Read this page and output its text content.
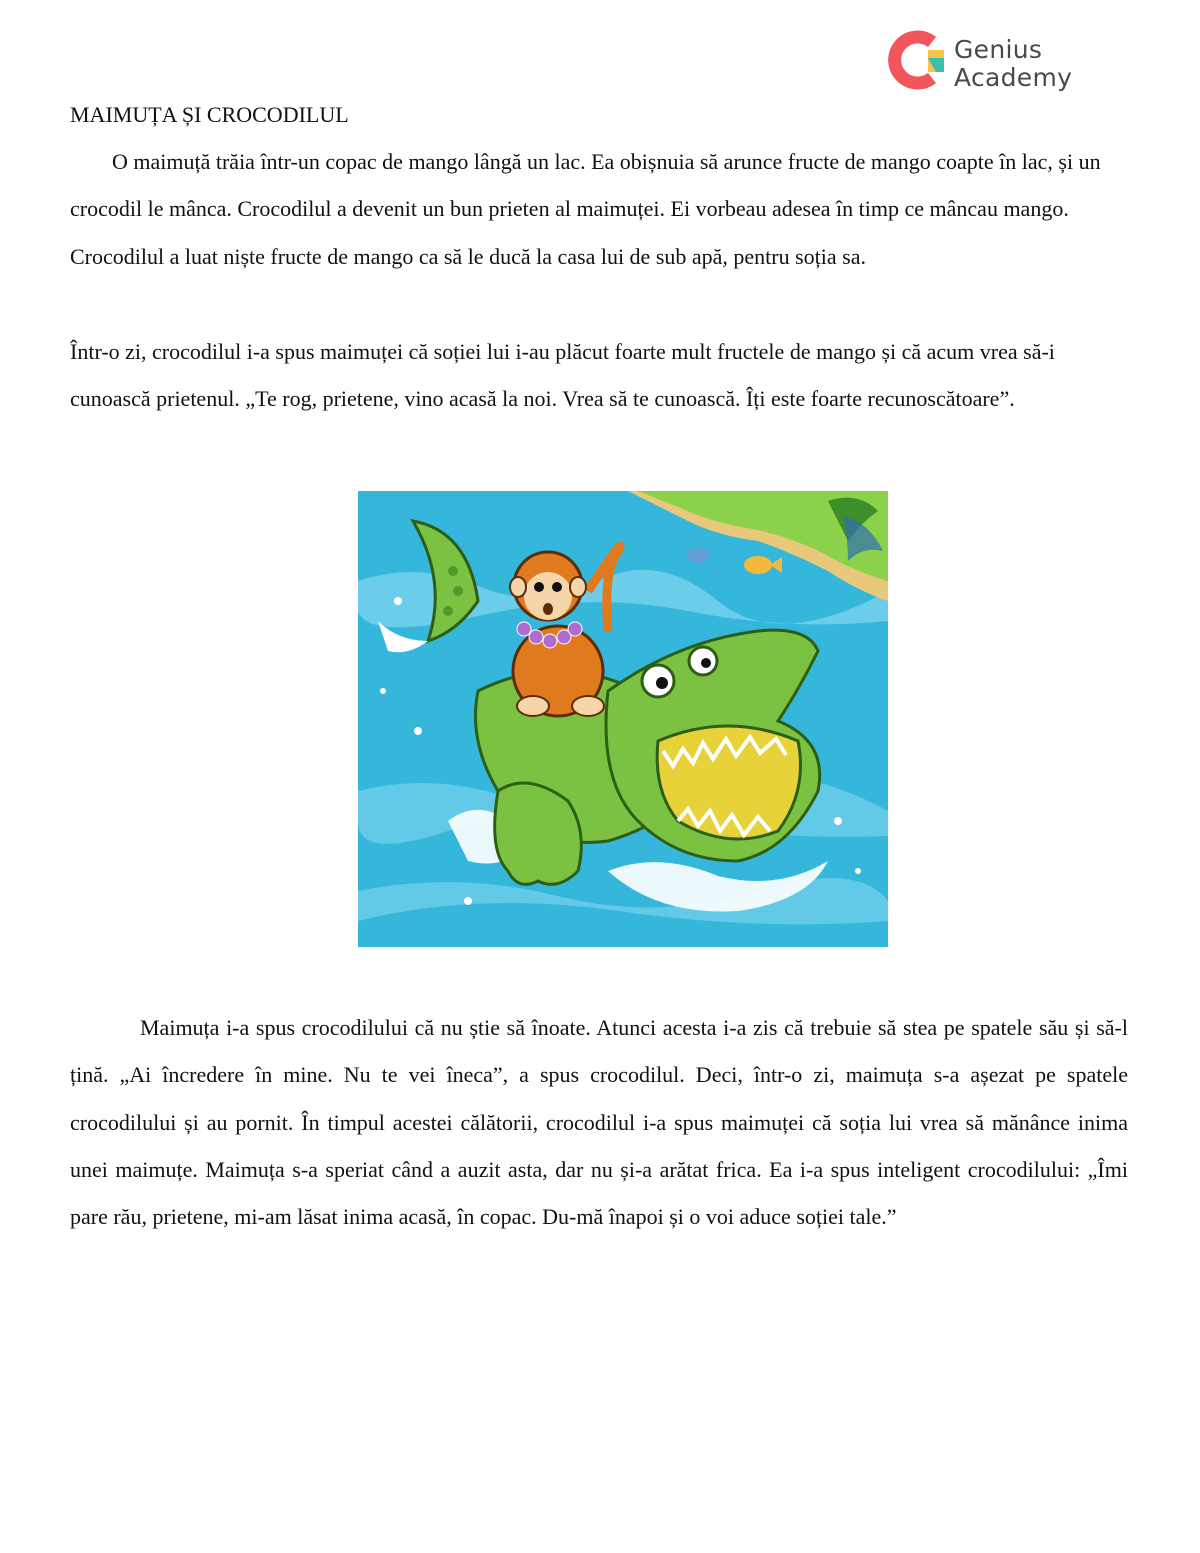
Genius
Academy
MAIMUȚA ȘI CROCODILUL

O maimuță trăia într-un copac de mango lângă un lac. Ea obișnuia să arunce fructe de mango coapte în lac, și un crocodil le mânca. Crocodilul a devenit un bun prieten al maimuței. Ei vorbeau adesea în timp ce mâncau mango. Crocodilul a luat niște fructe de mango ca să le ducă la casa lui de sub apă, pentru soția sa.

Într-o zi, crocodilul i-a spus maimuței că soției lui i-au plăcut foarte mult fructele de mango și că acum vrea să-i cunoască prietenul. „Te rog, prietene, vino acasă la noi. Vrea să te cunoască. Îți este foarte recunoscătoare”.

Maimuța i-a spus crocodilului că nu știe să înoate. Atunci acesta i-a zis că trebuie să stea pe spatele său și să-l țină. „Ai încredere în mine. Nu te vei îneca”, a spus crocodilul. Deci, într-o zi, maimuța s-a așezat pe spatele crocodilului și au pornit. În timpul acestei călătorii, crocodilul i-a spus maimuței că soția lui vrea să mănânce inima unei maimuțe. Maimuța s-a speriat când a auzit asta, dar nu și-a arătat frica. Ea i-a spus inteligent crocodilului: „Îmi pare rău, prietene, mi-am lăsat inima acasă, în copac. Du-mă înapoi și o voi aduce soției tale.”
